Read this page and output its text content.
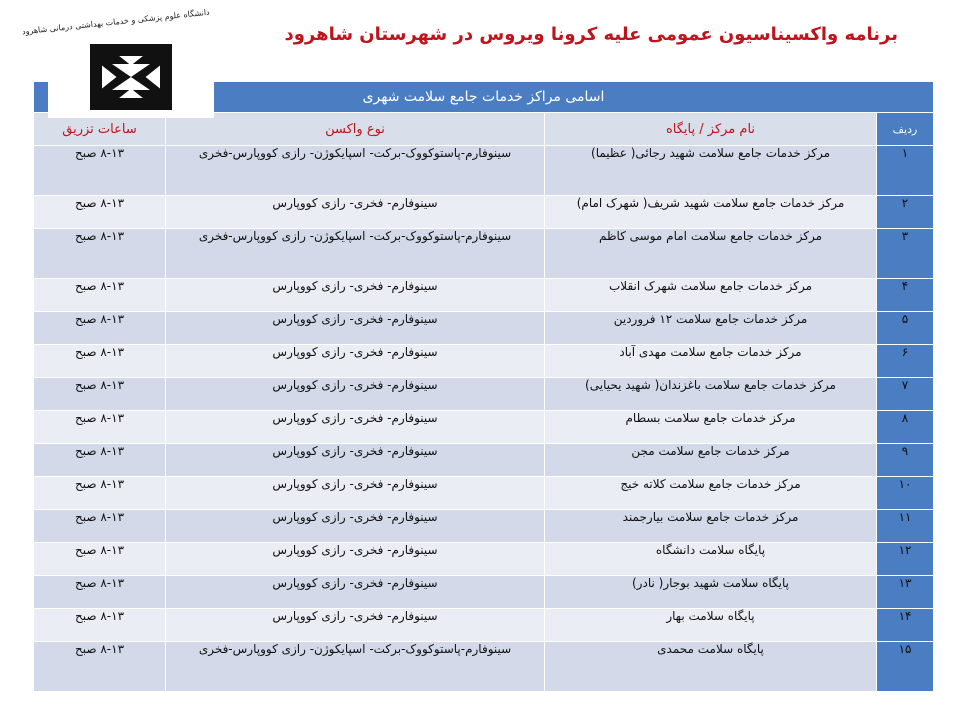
برنامه واکسیناسیون عمومی علیه کرونا ویروس در شهرستان شاهرود
اسامی مراکز خدمات جامع سلامت شهری			
ردیف	نام مرکز / پایگاه	نوع واکسن	ساعات تزریق
۱	مرکز خدمات جامع سلامت شهید رجائی( عظیما)	سینوفارم-پاستوکووک-برکت- اسپایکوژن- رازی کووپارس-فخری	۸-۱۳ صبح
۲	مرکز خدمات جامع سلامت شهید شریف( شهرک امام)	سینوفارم- فخری- رازی کووپارس	۸-۱۳ صبح
۳	مرکز خدمات جامع سلامت امام موسی کاظم	سینوفارم-پاستوکووک-برکت- اسپایکوژن- رازی کووپارس-فخری	۸-۱۳ صبح
۴	مرکز خدمات جامع سلامت شهرک انقلاب	سینوفارم- فخری- رازی کووپارس	۸-۱۳ صبح
۵	مرکز خدمات جامع سلامت ۱۲ فروردین	سینوفارم- فخری- رازی کووپارس	۸-۱۳ صبح
۶	مرکز خدمات جامع سلامت مهدی آباد	سینوفارم- فخری- رازی کووپارس	۸-۱۳ صبح
۷	مرکز خدمات جامع سلامت باغزندان( شهید یحیایی)	سینوفارم- فخری- رازی کووپارس	۸-۱۳ صبح
۸	مرکز خدمات جامع سلامت بسطام	سینوفارم- فخری- رازی کووپارس	۸-۱۳ صبح
۹	مرکز خدمات جامع سلامت مجن	سینوفارم- فخری- رازی کووپارس	۸-۱۳ صبح
۱۰	مرکز خدمات جامع سلامت کلاته خیج	سینوفارم- فخری- رازی کووپارس	۸-۱۳ صبح
۱۱	مرکز خدمات جامع سلامت بیارجمند	سینوفارم- فخری- رازی کووپارس	۸-۱۳ صبح
۱۲	پایگاه سلامت دانشگاه	سینوفارم- فخری- رازی کووپارس	۸-۱۳ صبح
۱۳	پایگاه سلامت شهید بوجار( نادر)	سینوفارم- فخری- رازی کووپارس	۸-۱۳ صبح
۱۴	پایگاه سلامت بهار	سینوفارم- فخری- رازی کووپارس	۸-۱۳ صبح
۱۵	پایگاه سلامت محمدی	سینوفارم-پاستوکووک-برکت- اسپایکوژن- رازی کووپارس-فخری	۸-۱۳ صبح
دانشگاه علوم پزشکی و خدمات بهداشتی درمانی شاهرود
